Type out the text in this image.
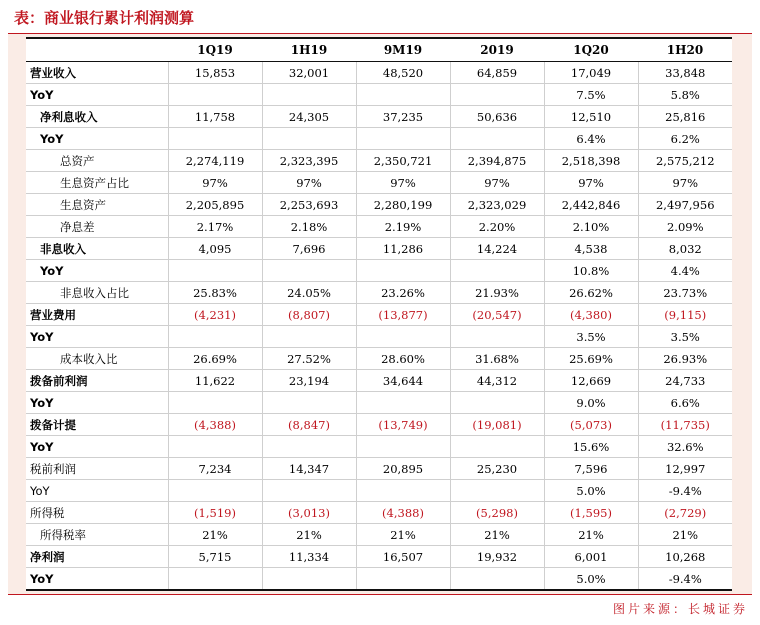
表：商业银行累计利润测算
	1Q19	1H19	9M19	2019	1Q20	1H20
营业收入	15,853	32,001	48,520	64,859	17,049	33,848
YoY					7.5%	5.8%
净利息收入	11,758	24,305	37,235	50,636	12,510	25,816
YoY					6.4%	6.2%
总资产	2,274,119	2,323,395	2,350,721	2,394,875	2,518,398	2,575,212
生息资产占比	97%	97%	97%	97%	97%	97%
生息资产	2,205,895	2,253,693	2,280,199	2,323,029	2,442,846	2,497,956
净息差	2.17%	2.18%	2.19%	2.20%	2.10%	2.09%
非息收入	4,095	7,696	11,286	14,224	4,538	8,032
YoY					10.8%	4.4%
非息收入占比	25.83%	24.05%	23.26%	21.93%	26.62%	23.73%
营业费用	(4,231)	(8,807)	(13,877)	(20,547)	(4,380)	(9,115)
YoY					3.5%	3.5%
成本收入比	26.69%	27.52%	28.60%	31.68%	25.69%	26.93%
拨备前利润	11,622	23,194	34,644	44,312	12,669	24,733
YoY					9.0%	6.6%
拨备计提	(4,388)	(8,847)	(13,749)	(19,081)	(5,073)	(11,735)
YoY					15.6%	32.6%
税前利润	7,234	14,347	20,895	25,230	7,596	12,997
YoY					5.0%	-9.4%
所得税	(1,519)	(3,013)	(4,388)	(5,298)	(1,595)	(2,729)
所得税率	21%	21%	21%	21%	21%	21%
净利润	5,715	11,334	16,507	19,932	6,001	10,268
YoY					5.0%	-9.4%
图片来源：长城证券
